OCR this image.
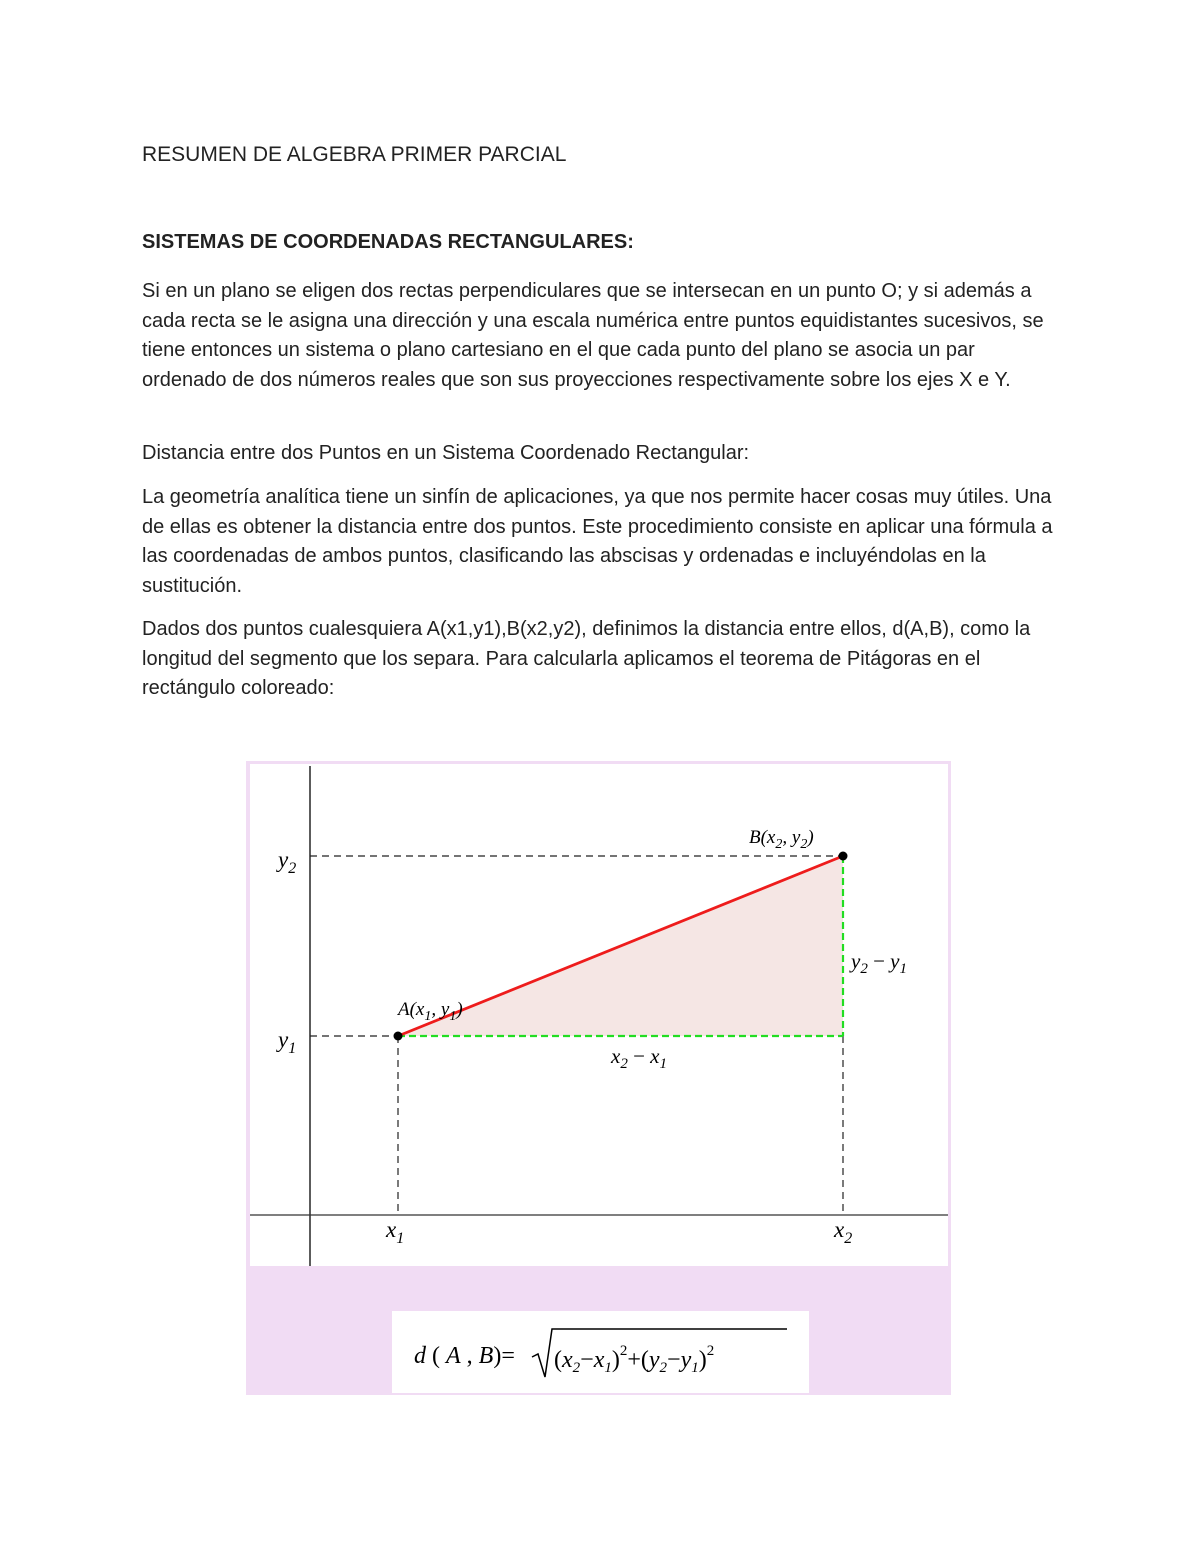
RESUMEN DE ALGEBRA PRIMER PARCIAL
SISTEMAS DE COORDENADAS RECTANGULARES:

Si en un plano se eligen dos rectas perpendiculares que se intersecan en un punto O; y si además a cada recta se le asigna una dirección y una escala numérica entre puntos equidistantes sucesivos, se tiene entonces un sistema o plano cartesiano en el que cada punto del plano se asocia un par ordenado de dos números reales que son sus proyecciones respectivamente sobre los ejes X e Y.

Distancia entre dos Puntos en un Sistema Coordenado Rectangular:

La geometría analítica tiene un sinfín de aplicaciones, ya que nos permite hacer cosas muy útiles. Una de ellas es obtener la distancia entre dos puntos. Este procedimiento consiste en aplicar una fórmula a las coordenadas de ambos puntos, clasificando las abscisas y ordenadas e incluyéndolas en la sustitución.

Dados dos puntos cualesquiera A(x1,y1),B(x2,y2), definimos la distancia entre ellos, d(A,B), como la longitud del segmento que los separa. Para calcularla aplicamos el teorema de Pitágoras en el rectángulo coloreado:

$y_2$
$y_1$
$x_1$	$x_2$
$A(x_1$, $y_1$)
$B(x_2$, $y_2$)
$x_2 - x_1$
$y_2 - y_1$
d ( A , $B)= (x_2-x_1)^2+(y_2-y_1)^2$
